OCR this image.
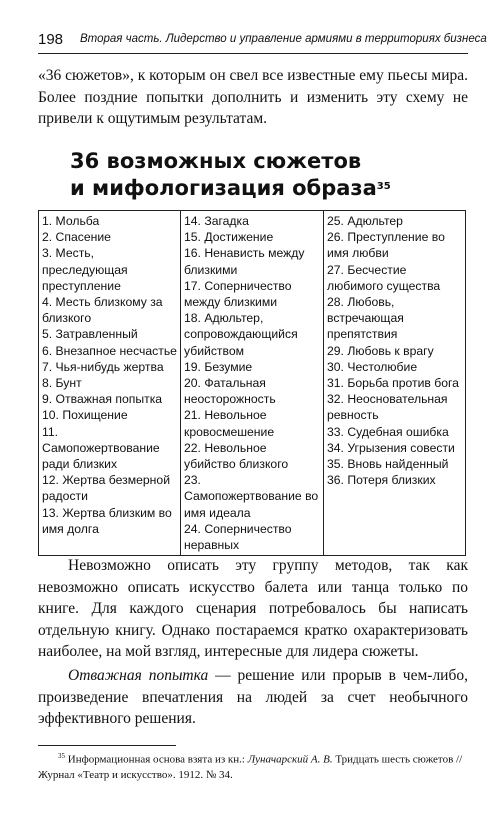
198 Вторая часть. Лидерство и управление армиями в территориях бизнеса

«36 сюжетов», к которым он свел все известные ему пьесы мира. Более поздние попытки дополнить и изменить эту схему не привели к ощутимым результатам.

36 возможных сюжетов
и мифологизация образа$^{35}$
1. Мольба
2. Спасение
3. Месть, преследующая преступление
4. Месть близкому за близкого
5. Затравленный
6. Внезапное несчастье
7. Чья-нибудь жертва
8. Бунт
9. Отважная попытка
10. Похищение
11. Самопожертвование ради близких
12. Жертва безмерной радости
13. Жертва близким во имя долга

14. Загадка
15. Достижение
16. Ненависть между близкими
17. Соперничество между близкими
18. Адюльтер, сопровождающийся убийством
19. Безумие
20. Фатальная неосторожность
21. Невольное кровосмешение
22. Невольное убийство близкого
23. Самопожертвование во имя идеала
24. Соперничество неравных

25. Адюльтер
26. Преступление во имя любви
27. Бесчестие любимого существа
28. Любовь, встречающая препятствия
29. Любовь к врагу
30. Честолюбие
31. Борьба против бога
32. Неосновательная ревность
33. Судебная ошибка
34. Угрызения совести
35. Вновь найденный
36. Потеря близких

Невозможно описать эту группу методов, так как невозможно описать искусство балета или танца только по книге. Для каждого сценария потребовалось бы написать отдельную книгу. Однако постараемся кратко охарактеризовать наиболее, на мой взгляд, интересные для лидера сюжеты.

Отважная попытка — решение или прорыв в чем-либо, произведение впечатления на людей за счет необычного эффективного решения.

$^{35}$ Информационная основа взята из кн.: Луначарский А. В. Тридцать шесть сюжетов // Журнал «Театр и искусство». 1912. № 34.
